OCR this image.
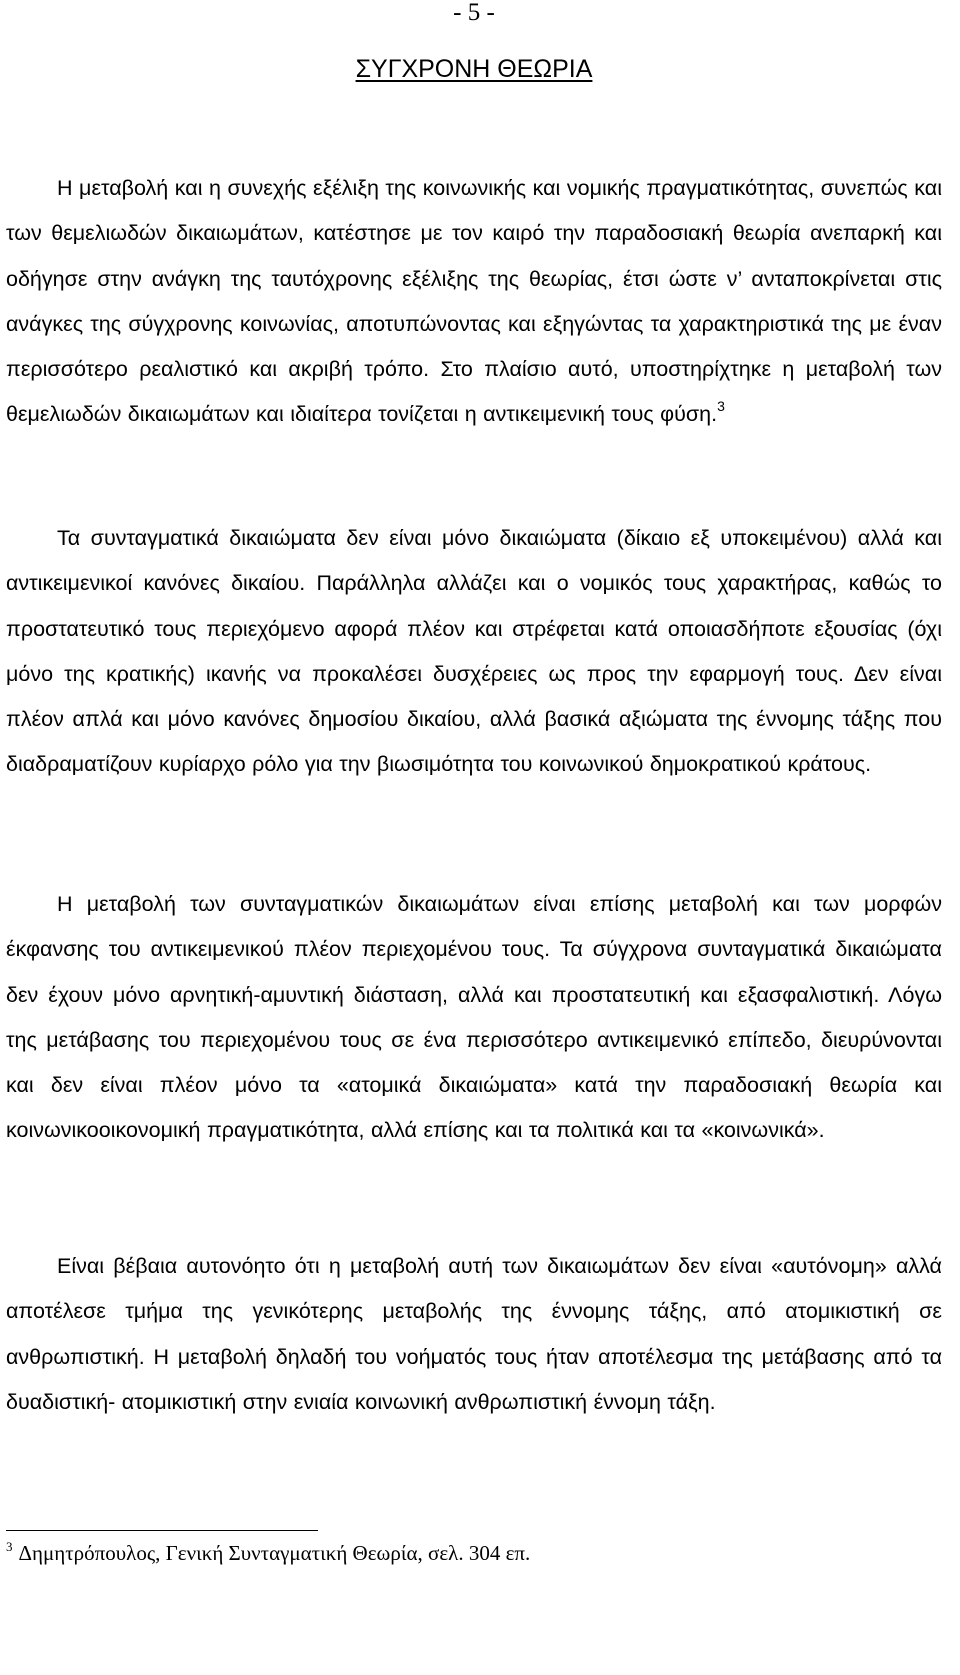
- 5 -
ΣΥΓΧΡΟΝΗ ΘΕΩΡΙΑ

Η μεταβολή και η συνεχής εξέλιξη της κοινωνικής και νομικής πραγματικότητας, συνεπώς και των θεμελιωδών δικαιωμάτων, κατέστησε με τον καιρό την παραδοσιακή θεωρία ανεπαρκή και οδήγησε στην ανάγκη της ταυτόχρονης εξέλιξης της θεωρίας, έτσι ώστε ν’ ανταποκρίνεται στις ανάγκες της σύγχρονης κοινωνίας, αποτυπώνοντας και εξηγώντας τα χαρακτηριστικά της με έναν περισσότερο ρεαλιστικό και ακριβή τρόπο. Στο πλαίσιο αυτό, υποστηρίχτηκε η μεταβολή των θεμελιωδών δικαιωμάτων και ιδιαίτερα τονίζεται η αντικειμενική τους φύση.$^3$

Τα συνταγματικά δικαιώματα δεν είναι μόνο δικαιώματα (δίκαιο εξ υποκειμένου) αλλά και αντικειμενικοί κανόνες δικαίου. Παράλληλα αλλάζει και ο νομικός τους χαρακτήρας, καθώς το προστατευτικό τους περιεχόμενο αφορά πλέον και στρέφεται κατά οποιασδήποτε εξουσίας (όχι μόνο της κρατικής) ικανής να προκαλέσει δυσχέρειες ως προς την εφαρμογή τους. Δεν είναι πλέον απλά και μόνο κανόνες δημοσίου δικαίου, αλλά βασικά αξιώματα της έννομης τάξης που διαδραματίζουν κυρίαρχο ρόλο για την βιωσιμότητα του κοινωνικού δημοκρατικού κράτους.

Η μεταβολή των συνταγματικών δικαιωμάτων είναι επίσης μεταβολή και των μορφών έκφανσης του αντικειμενικού πλέον περιεχομένου τους. Τα σύγχρονα συνταγματικά δικαιώματα δεν έχουν μόνο αρνητική-αμυντική διάσταση, αλλά και προστατευτική και εξασφαλιστική. Λόγω της μετάβασης του περιεχομένου τους σε ένα περισσότερο αντικειμενικό επίπεδο, διευρύνονται και δεν είναι πλέον μόνο τα «ατομικά δικαιώματα» κατά την παραδοσιακή θεωρία και κοινωνικοοικονομική πραγματικότητα, αλλά επίσης και τα πολιτικά και τα «κοινωνικά».

Είναι βέβαια αυτονόητο ότι η μεταβολή αυτή των δικαιωμάτων δεν είναι «αυτόνομη» αλλά αποτέλεσε τμήμα της γενικότερης μεταβολής της έννομης τάξης, από ατομικιστική σε ανθρωπιστική. Η μεταβολή δηλαδή του νοήματός τους ήταν αποτέλεσμα της μετάβασης από τα δυαδιστική- ατομικιστική στην ενιαία κοινωνική ανθρωπιστική έννομη τάξη.

$^3$ Δημητρόπουλος, Γενική Συνταγματική Θεωρία, σελ. 304 επ.
